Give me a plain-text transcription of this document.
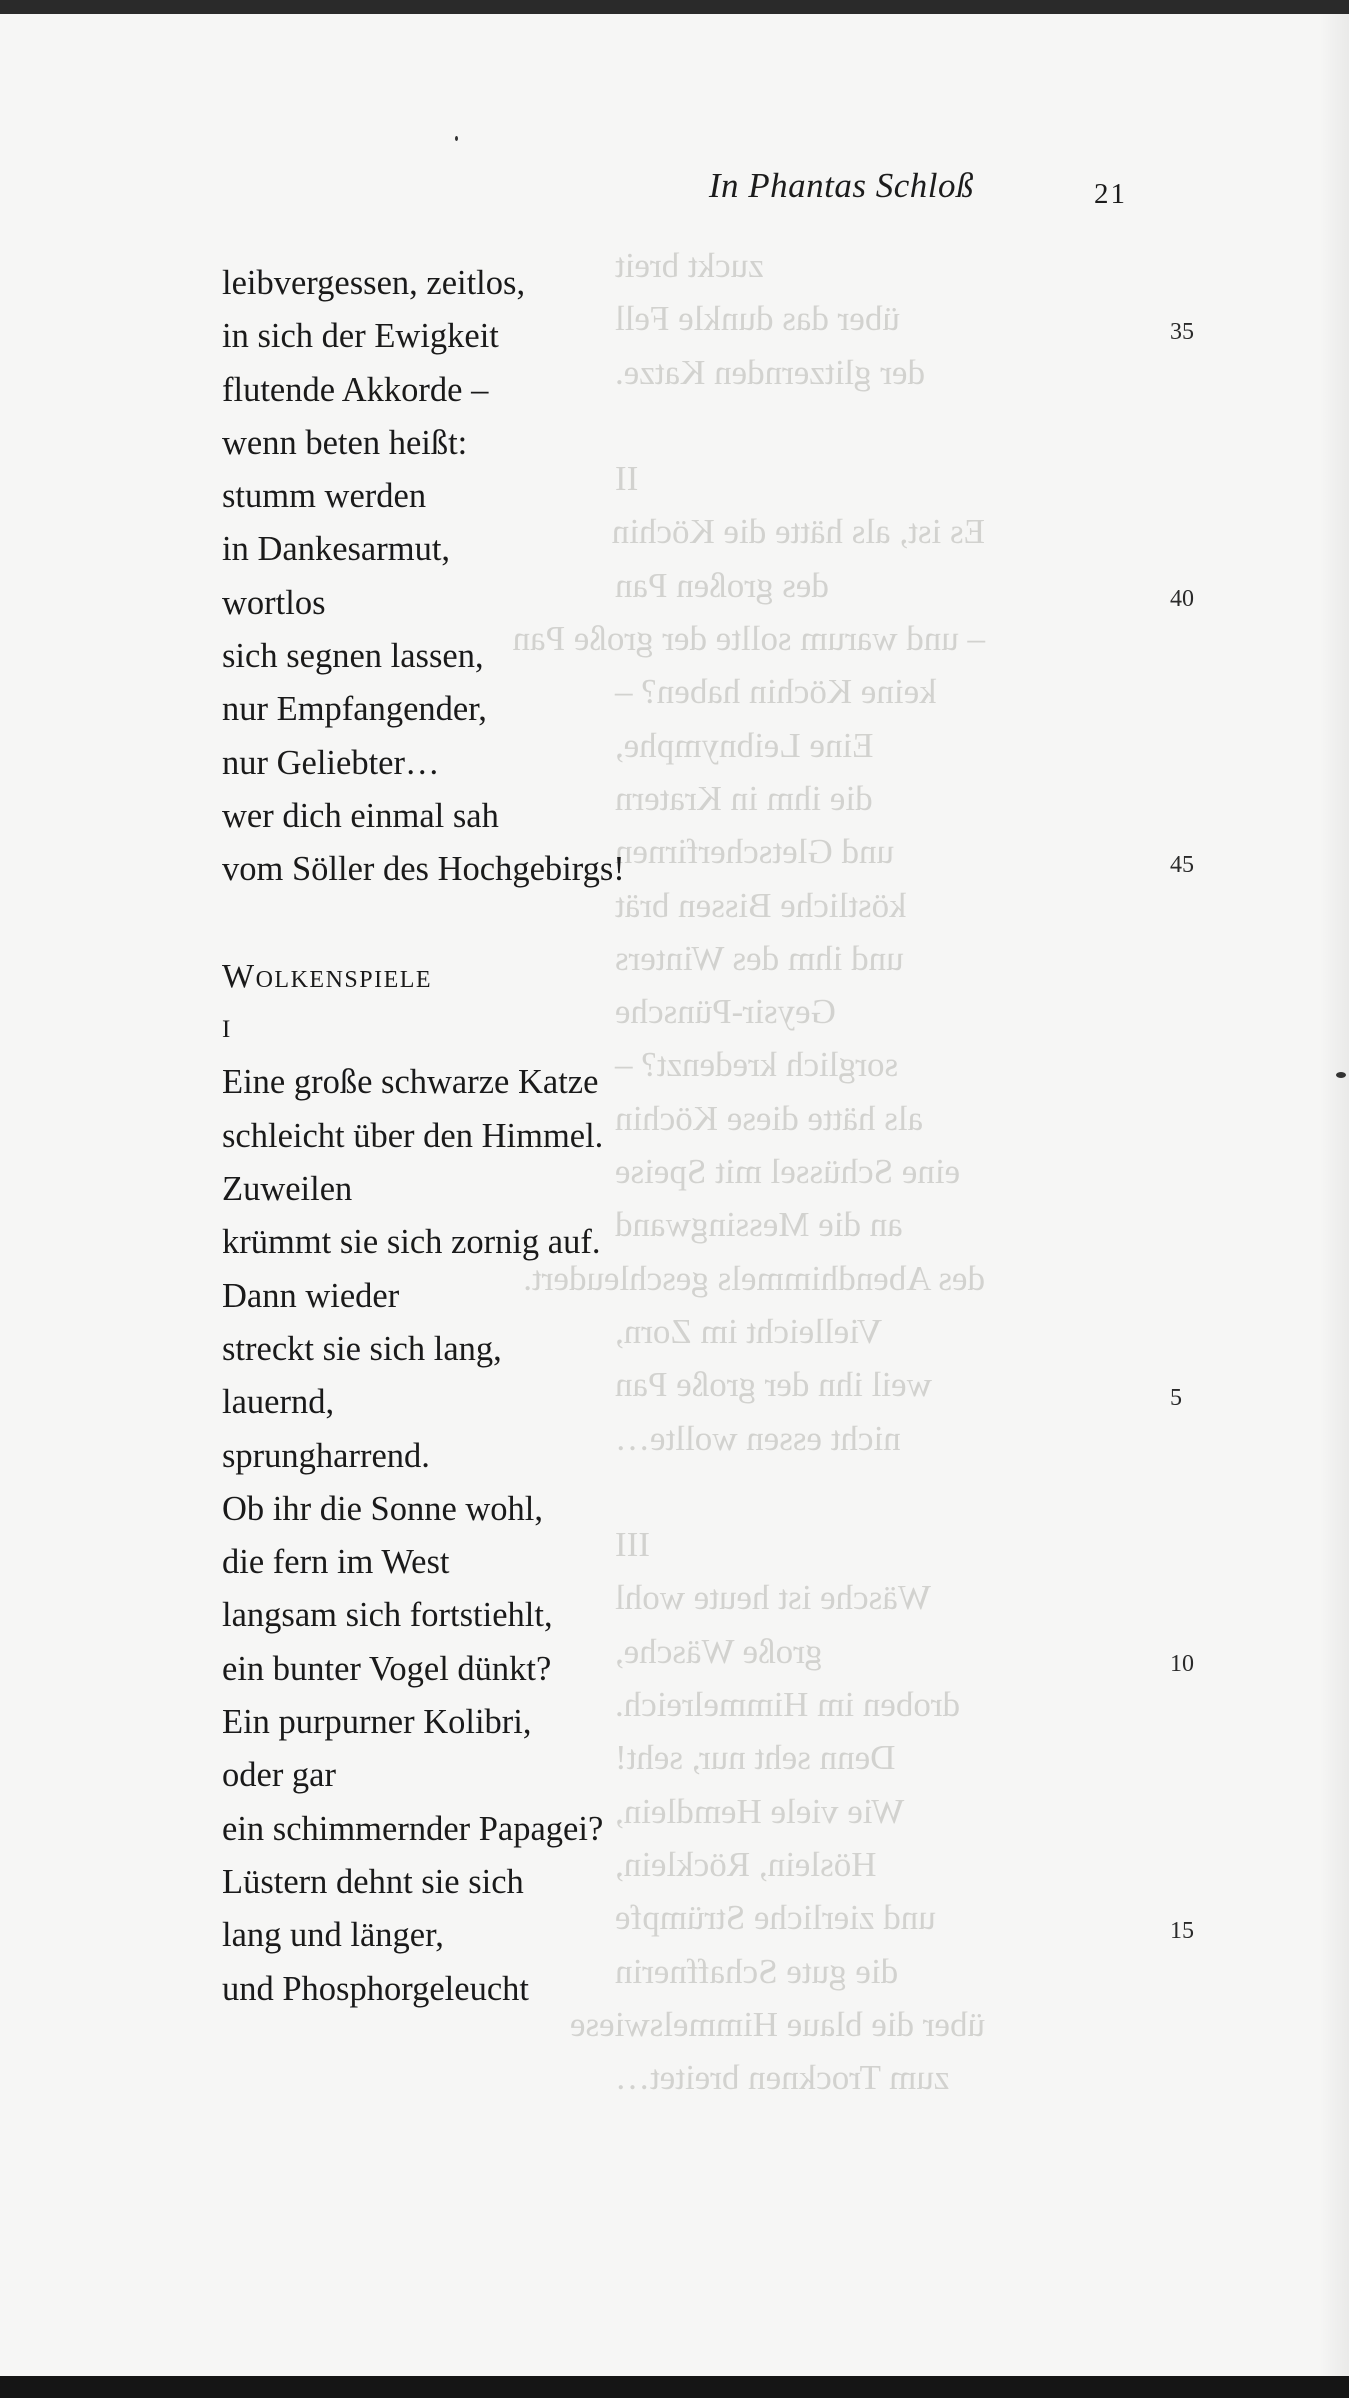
zuckt breit
über das dunkle Fell
der glitzernden Katze.
II
Es ist, als hätte die Köchin
des großen Pan
– und warum sollte der große Pan
keine Köchin haben? –
Eine Leibnymphe,
die ihm in Kratern
und Gletscherfirnen
köstliche Bissen brät
und ihm des Winters
Geysir-Pünsche
sorglich kredenzt? –
als hätte diese Köchin
eine Schüssel mit Speise
an die Messingwand
des Abendhimmels geschleudert.
Vielleicht im Zorn,
weil ihn der große Pan
nicht essen wollte…
III
Wäsche ist heute wohl
große Wäsche,
droben im Himmelreich.
Denn seht nur, seht!
Wie viele Hemdlein,
Höslein, Röcklein,
und zierliche Strümpfe
die gute Schaffnerin
über die blaue Himmelswiese
zum Trocknen breitet…
In Phantas Schloß	21
leibvergessen, zeitlos,
in sich der Ewigkeit
flutende Akkorde –
wenn beten heißt:
stumm werden
in Dankesarmut,
wortlos
sich segnen lassen,
nur Empfangender,
nur Geliebter…
wer dich einmal sah
vom Söller des Hochgebirgs!
Wolkenspiele
I
Eine große schwarze Katze
schleicht über den Himmel.
Zuweilen
krümmt sie sich zornig auf.
Dann wieder
streckt sie sich lang,
lauernd,
sprungharrend.
Ob ihr die Sonne wohl,
die fern im West
langsam sich fortstiehlt,
ein bunter Vogel dünkt?
Ein purpurner Kolibri,
oder gar
ein schimmernder Papagei?
Lüstern dehnt sie sich
lang und länger,
und Phosphorgeleucht
35
40
45
5
10
15
